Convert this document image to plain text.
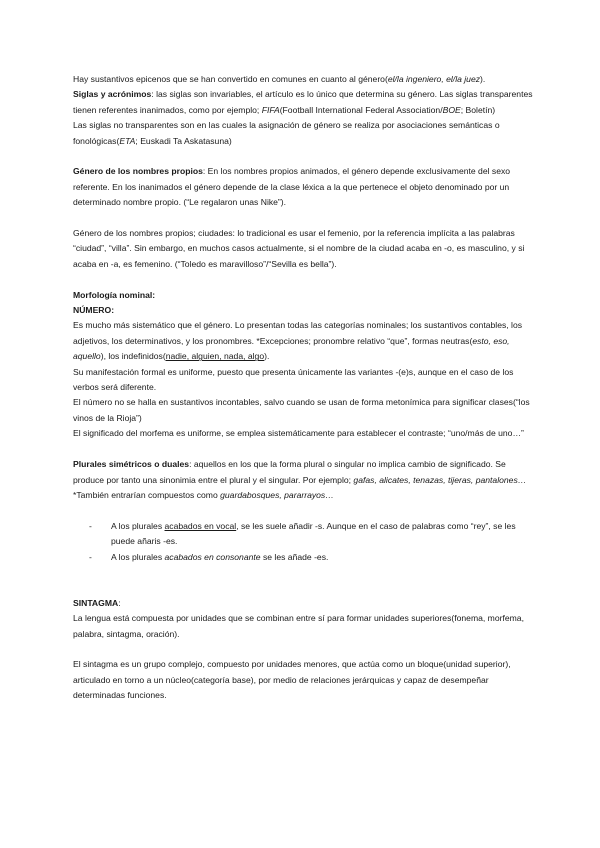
Hay sustantivos epicenos que se han convertido en comunes en cuanto al género(el/la ingeniero, el/la juez).

Siglas y acrónimos: las siglas son invariables, el artículo es lo único que determina su género. Las siglas transparentes tienen referentes inanimados, como por ejemplo; FIFA(Football International Federal Association/BOE; Boletín)

Las siglas no transparentes son en las cuales la asignación de género se realiza por asociaciones semánticas o fonológicas(ETA; Euskadi Ta Askatasuna)

Género de los nombres propios: En los nombres propios animados, el género depende exclusivamente del sexo referente. En los inanimados el género depende de la clase léxica a la que pertenece el objeto denominado por un determinado nombre propio. (“Le regalaron unas Nike”).

Género de los nombres propios; ciudades: lo tradicional es usar el femenio, por la referencia implícita a las palabras “ciudad”, “villa”. Sin embargo, en muchos casos actualmente, si el nombre de la ciudad acaba en -o, es masculino, y si acaba en -a, es femenino. (“Toledo es maravilloso”/“Sevilla es bella”).

Morfología nominal:

NÚMERO:

Es mucho más sistemático que el género. Lo presentan todas las categorías nominales; los sustantivos contables, los adjetivos, los determinativos, y los pronombres. *Excepciones; pronombre relativo “que”, formas neutras(esto, eso, aquello), los indefinidos(nadie, alguien, nada, algo).

Su manifestación formal es uniforme, puesto que presenta únicamente las variantes -(e)s, aunque en el caso de los verbos será diferente.

El número no se halla en sustantivos incontables, salvo cuando se usan de forma metonímica para significar clases(“los vinos de la Rioja”)

El significado del morfema es uniforme, se emplea sistemáticamente para establecer el contraste; “uno/más de uno…”

Plurales simétricos o duales: aquellos en los que la forma plural o singular no implica cambio de significado. Se produce por tanto una sinonimia entre el plural y el singular. Por ejemplo; gafas, alicates, tenazas, tijeras, pantalones…

*También entrarían compuestos como guardabosques, pararrayos…

- A los plurales acabados en vocal, se les suele añadir -s. Aunque en el caso de palabras como “rey”, se les puede añaris -es.
- A los plurales acabados en consonante se les añade -es.

SINTAGMA:

La lengua está compuesta por unidades que se combinan entre sí para formar unidades superiores(fonema, morfema, palabra, sintagma, oración).

El sintagma es un grupo complejo, compuesto por unidades menores, que actúa como un bloque(unidad superior), articulado en torno a un núcleo(categoría base), por medio de relaciones jerárquicas y capaz de desempeñar determinadas funciones.
